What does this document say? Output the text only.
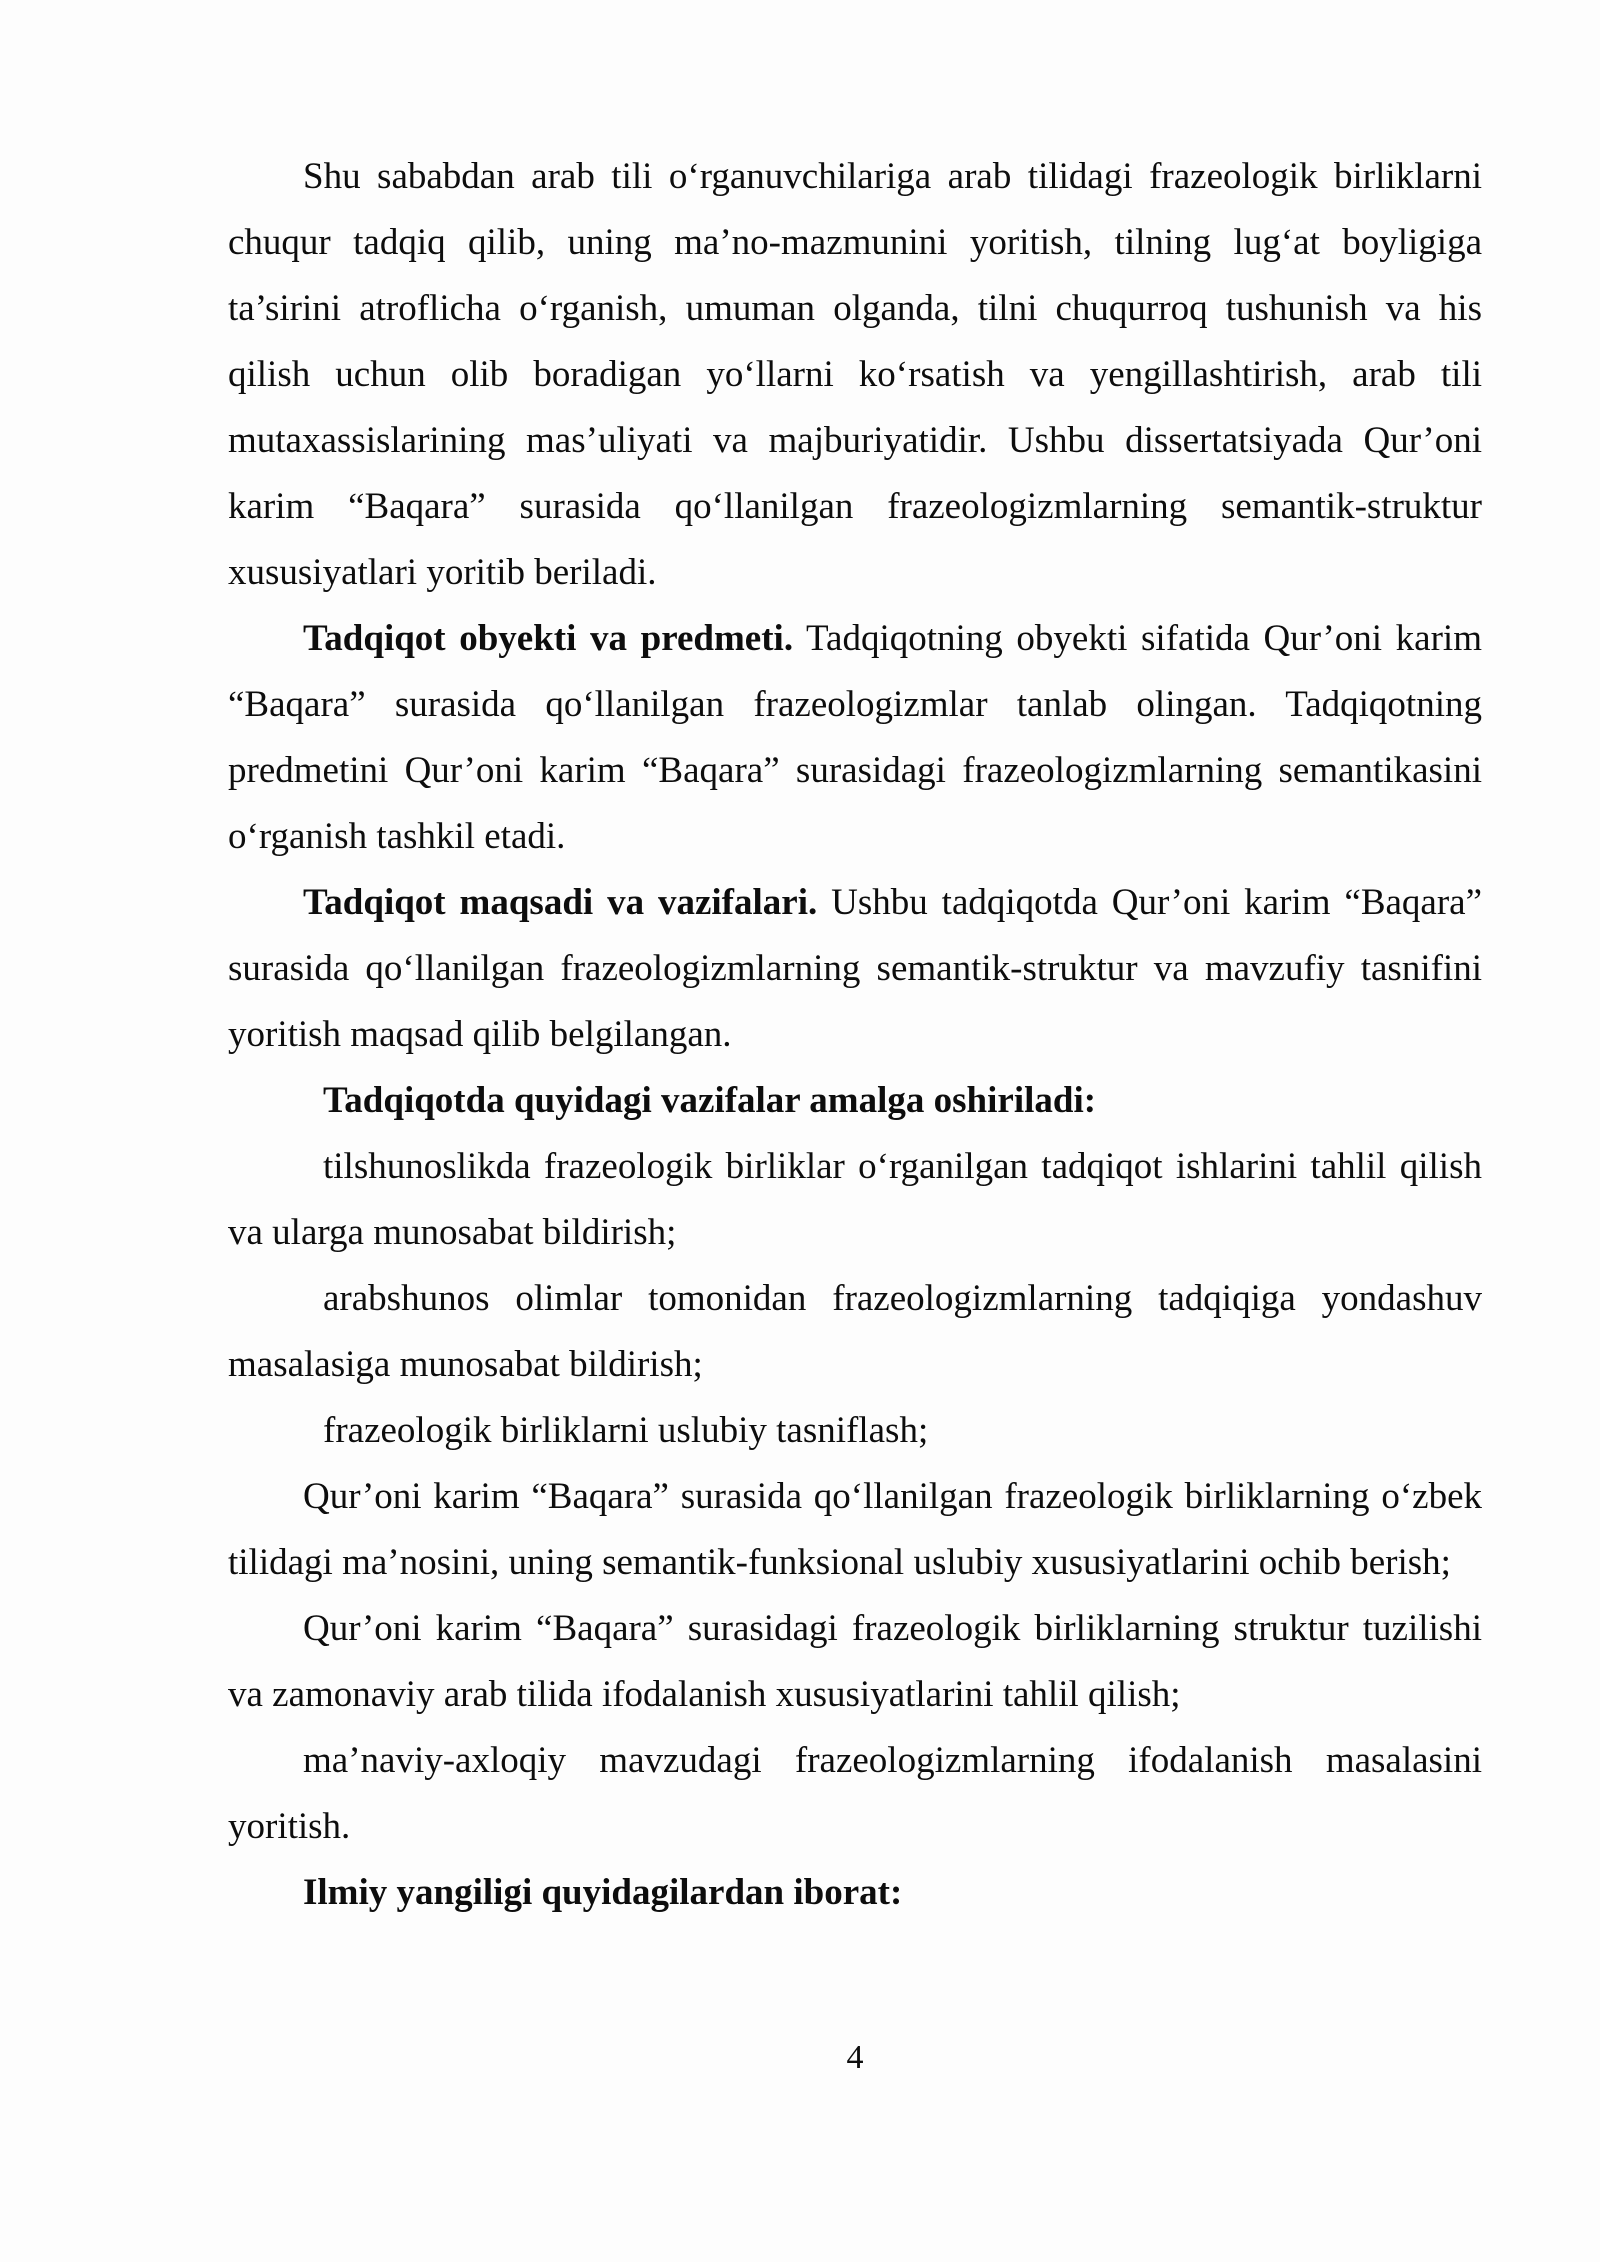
Shu sababdan arab tili o‘rganuvchilariga arab tilidagi frazeologik birliklarni
chuqur tadqiq qilib, uning ma’no-mazmunini yoritish, tilning lug‘at boyligiga
ta’sirini atroflicha o‘rganish, umuman olganda, tilni chuqurroq tushunish va his
qilish uchun olib boradigan yo‘llarni ko‘rsatish va yengillashtirish, arab tili
mutaxassislarining mas’uliyati va majburiyatidir. Ushbu dissertatsiyada Qur’oni
karim “Baqara” surasida qo‘llanilgan frazeologizmlarning semantik-struktur
xususiyatlari yoritib beriladi.
Tadqiqot obyekti va predmeti. Tadqiqotning obyekti sifatida Qur’oni karim
“Baqara” surasida qo‘llanilgan frazeologizmlar tanlab olingan. Tadqiqotning
predmetini Qur’oni karim “Baqara” surasidagi frazeologizmlarning semantikasini
o‘rganish tashkil etadi.
Tadqiqot maqsadi va vazifalari. Ushbu tadqiqotda Qur’oni karim “Baqara”
surasida qo‘llanilgan frazeologizmlarning semantik-struktur va mavzufiy tasnifini
yoritish maqsad qilib belgilangan.
Tadqiqotda quyidagi vazifalar amalga oshiriladi:
tilshunoslikda frazeologik birliklar o‘rganilgan tadqiqot ishlarini tahlil qilish
va ularga munosabat bildirish;
arabshunos olimlar tomonidan frazeologizmlarning tadqiqiga yondashuv
masalasiga munosabat bildirish;
frazeologik birliklarni uslubiy tasniflash;
Qur’oni karim “Baqara” surasida qo‘llanilgan frazeologik birliklarning o‘zbek
tilidagi ma’nosini, uning semantik-funksional uslubiy xususiyatlarini ochib berish;
Qur’oni karim “Baqara” surasidagi frazeologik birliklarning struktur tuzilishi
va zamonaviy arab tilida ifodalanish xususiyatlarini tahlil qilish;
ma’naviy-axloqiy mavzudagi frazeologizmlarning ifodalanish masalasini
yoritish.
Ilmiy yangiligi quyidagilardan iborat:
4
